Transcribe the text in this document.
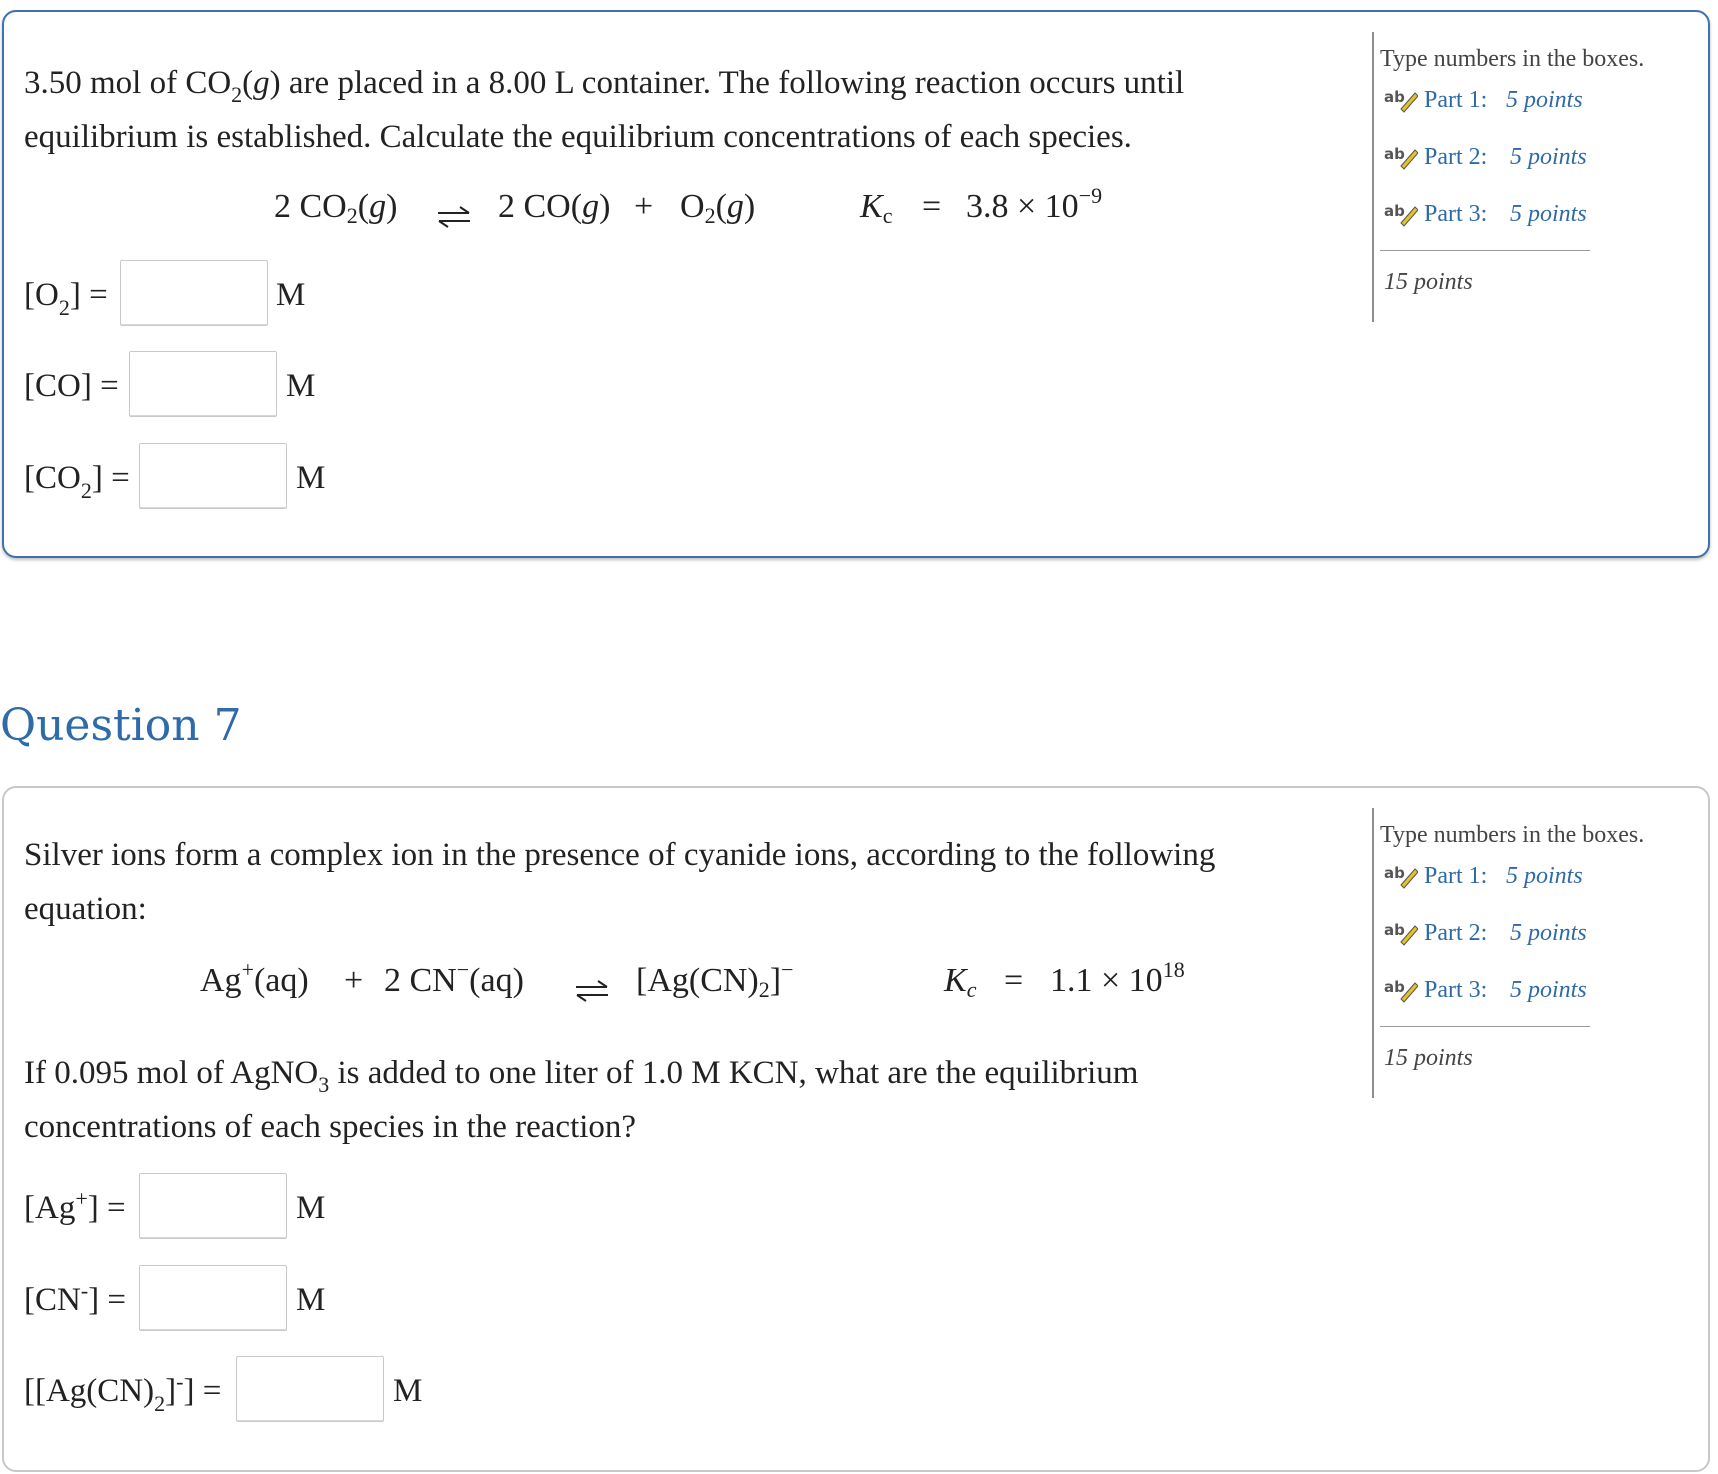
3.50 mol of $CO_2(g)$ are placed in a 8.00 L container. The following reaction occurs until
equilibrium is established. Calculate the equilibrium concentrations of each species.
2 $CO_2(g)$ ⇌ 2 $CO(g) + O_2(g)$	$K_c = 3.8 \times 10^{-9}$
$[O_2]$ =	M
[CO] =	M
$[CO_2]$ =	M
Type numbers in the boxes.
ab Part 1: 5 points
ab Part 2: 5 points
ab Part 3: 5 points
15 points
Question 7
Silver ions form a complex ion in the presence of cyanide ions, according to the following
equation:
Ag+(aq) + 2 CN−(aq) ⇌ $[Ag(CN)_2]^-$	$K_c = 1.1 \times 10^{18}$
If 0.095 mol of AgNO$_3$ is added to one liter of 1.0 M KCN, what are the equilibrium
concentrations of each species in the reaction?
[Ag+] =	M
[CN-] =	M
$[[Ag(CN)_2]^-]$ =	M
Type numbers in the boxes.
ab Part 1: 5 points
ab Part 2: 5 points
ab Part 3: 5 points
15 points
